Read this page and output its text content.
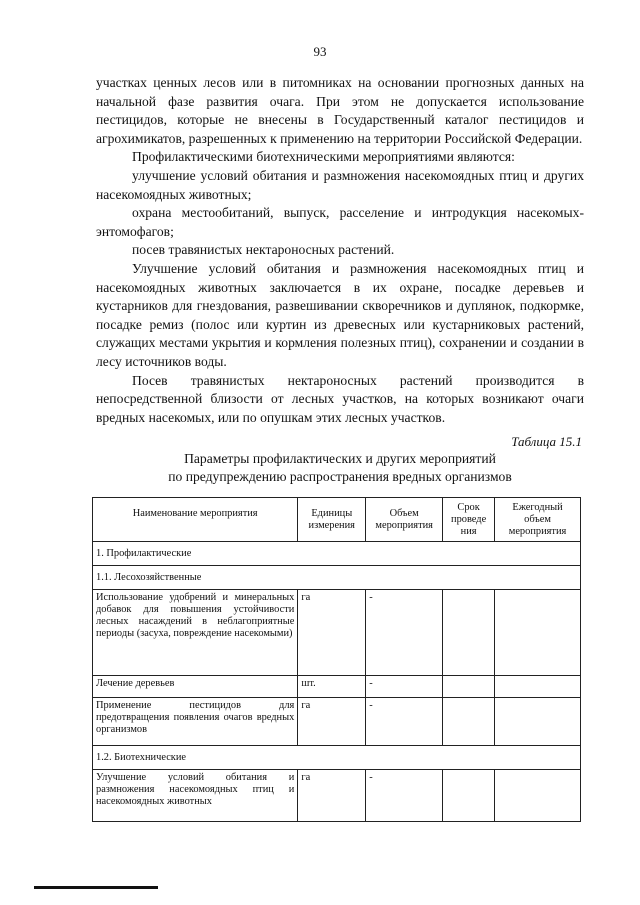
93

участках ценных лесов или в питомниках на основании прогнозных данных на начальной фазе развития очага. При этом не допускается использование пестицидов, которые не внесены в Государственный каталог пестицидов и агрохимикатов, разрешенных к применению на территории Российской Федерации.

Профилактическими биотехническими мероприятиями являются:

улучшение условий обитания и размножения насекомоядных птиц и других насекомоядных животных;

охрана местообитаний, выпуск, расселение и интродукция насекомых-энтомофагов;

посев травянистых нектароносных растений.

Улучшение условий обитания и размножения насекомоядных птиц и насекомоядных животных заключается в их охране, посадке деревьев и кустарников для гнездования, развешивании скворечников и дуплянок, подкормке, посадке ремиз (полос или куртин из древесных или кустарниковых растений, служащих местами укрытия и кормления полезных птиц), сохранении и создании в лесу источников воды.

Посев травянистых нектароносных растений производится в непосредственной близости от лесных участков, на которых возникают очаги вредных насекомых, или по опушкам этих лесных участков.

Таблица 15.1
Параметры профилактических и других мероприятий
по предупреждению распространения вредных организмов
Наименование мероприятия	Единицы измерения	Объем мероприятия	Срок проведе ния	Ежегодный объем мероприятия
1. Профилактические				
1.1. Лесохозяйственные				
Использование удобрений и минеральных добавок для повышения устойчивости лесных насаждений в неблагоприятные периоды (засуха, повреждение насекомыми)	га	-		
Лечение деревьев	шт.	-		
Применение пестицидов для предотвращения появления очагов вредных организмов	га	-		
1.2. Биотехнические				
Улучшение условий обитания и размножения насекомоядных птиц и насекомоядных животных	га	-		
